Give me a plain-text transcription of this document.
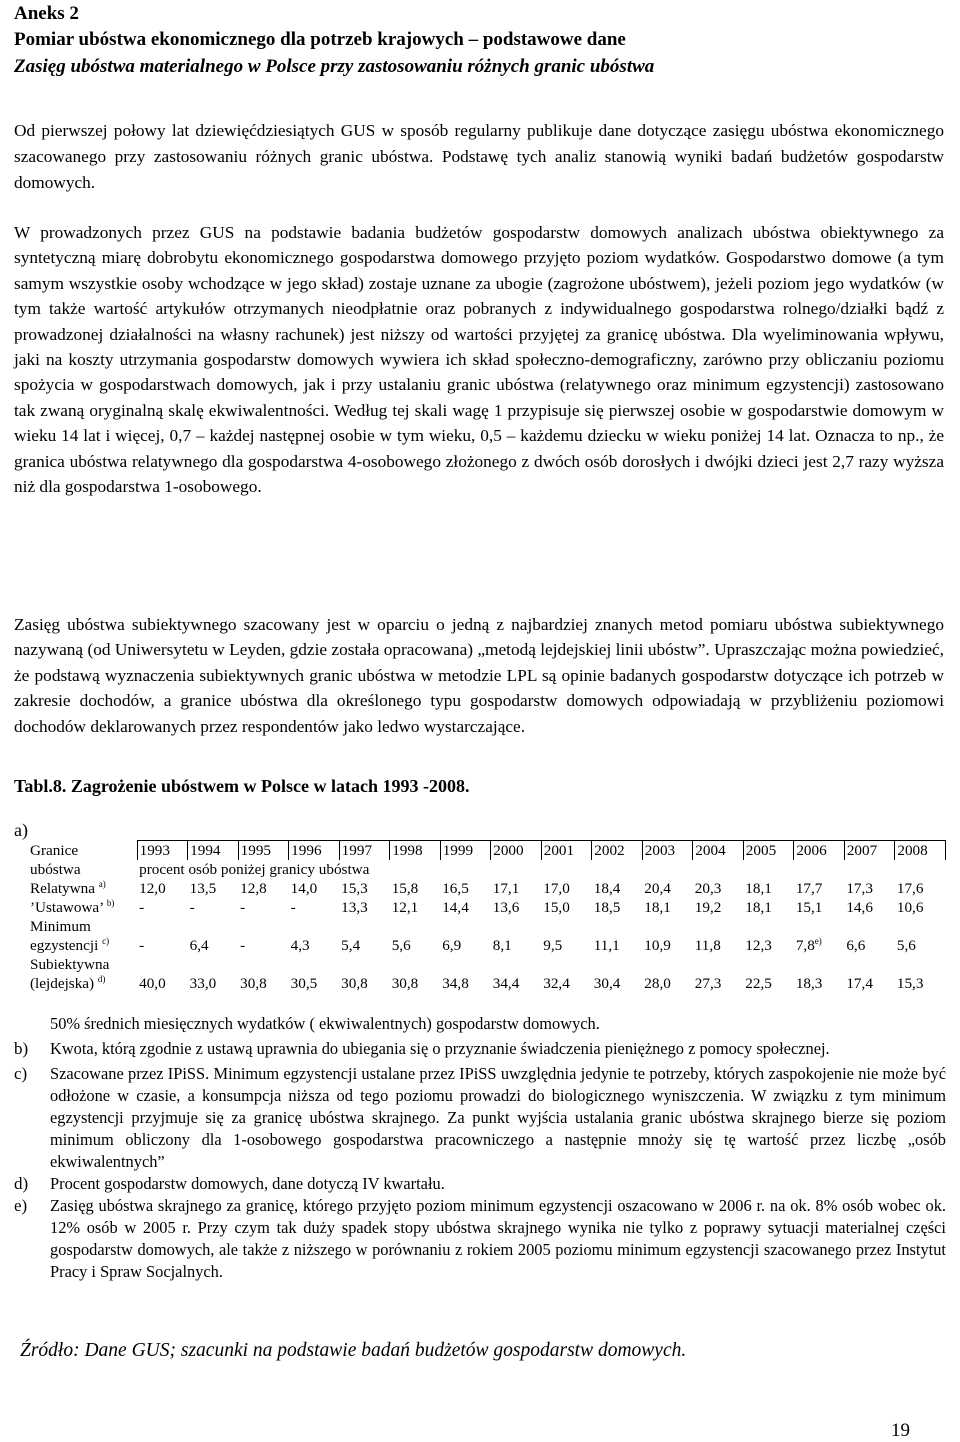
Aneks 2

Pomiar ubóstwa ekonomicznego dla potrzeb krajowych – podstawowe dane

Zasięg ubóstwa materialnego w Polsce przy zastosowaniu różnych granic ubóstwa

Od pierwszej połowy lat dziewięćdziesiątych GUS w sposób regularny publikuje dane dotyczące zasięgu ubóstwa ekonomicznego szacowanego przy zastosowaniu różnych granic ubóstwa. Podstawę tych analiz stanowią wyniki badań budżetów gospodarstw domowych.

W prowadzonych przez GUS na podstawie badania budżetów gospodarstw domowych analizach ubóstwa obiektywnego za syntetyczną miarę dobrobytu ekonomicznego gospodarstwa domowego przyjęto poziom wydatków. Gospodarstwo domowe (a tym samym wszystkie osoby wchodzące w jego skład) zostaje uznane za ubogie (zagrożone ubóstwem), jeżeli poziom jego wydatków (w tym także wartość artykułów otrzymanych nieodpłatnie oraz pobranych z indywidualnego gospodarstwa rolnego/działki bądź z prowadzonej działalności na własny rachunek) jest niższy od wartości przyjętej za granicę ubóstwa. Dla wyeliminowania wpływu, jaki na koszty utrzymania gospodarstw domowych wywiera ich skład społeczno-demograficzny, zarówno przy obliczaniu poziomu spożycia w gospodarstwach domowych, jak i przy ustalaniu granic ubóstwa (relatywnego oraz minimum egzystencji) zastosowano tak zwaną oryginalną skalę ekwiwalentności. Według tej skali wagę 1 przypisuje się pierwszej osobie w gospodarstwie domowym w wieku 14 lat i więcej, 0,7 – każdej następnej osobie w tym wieku, 0,5 – każdemu dziecku w wieku poniżej 14 lat. Oznacza to np., że granica ubóstwa relatywnego dla gospodarstwa 4-osobowego złożonego z dwóch osób dorosłych i dwójki dzieci jest 2,7 razy wyższa niż dla gospodarstwa 1-osobowego.

Zasięg ubóstwa subiektywnego szacowany jest w oparciu o jedną z najbardziej znanych metod pomiaru ubóstwa subiektywnego nazywaną (od Uniwersytetu w Leyden, gdzie została opracowana) „metodą lejdejskiej linii ubóstw”. Upraszczając można powiedzieć, że podstawą wyznaczenia subiektywnych granic ubóstwa w metodzie LPL są opinie badanych gospodarstw dotyczące ich potrzeb w zakresie dochodów, a granice ubóstwa dla określonego typu gospodarstw domowych odpowiadają w przybliżeniu poziomowi dochodów deklarowanych przez respondentów jako ledwo wystarczające.

Tabl.8. Zagrożenie ubóstwem w Polsce w latach 1993 -2008.

a)

Granice	1993	1994	1995	1996	1997	1998	1999	2000	2001	2002	2003	2004	2005	2006	2007	2008
ubóstwa	procent osób poniżej granicy ubóstwa															
Relatywna $^{a)}$	12,0	13,5	12,8	14,0	15,3	15,8	16,5	17,1	17,0	18,4	20,4	20,3	18,1	17,7	17,3	17,6
’Ustawowa’ $^{b)}$	-	-	-	-	13,3	12,1	14,4	13,6	15,0	18,5	18,1	19,2	18,1	15,1	14,6	10,6
Minimum																
egzystencji $^{c)}$	-	6,4	-	4,3	5,4	5,6	6,9	8,1	9,5	11,1	10,9	11,8	12,3	7,8$^{e)}$	6,6	5,6
Subiektywna																
(lejdejska) $^{d)}$	40,0	33,0	30,8	30,5	30,8	30,8	34,8	34,4	32,4	30,4	28,0	27,3	22,5	18,3	17,4	15,3
50% średnich miesięcznych wydatków ( ekwiwalentnych) gospodarstw domowych.
b)	Kwota, którą zgodnie z ustawą uprawnia do ubiegania się o przyznanie świadczenia pieniężnego z pomocy społecznej.
c)	Szacowane przez IPiSS. Minimum egzystencji ustalane przez IPiSS uwzględnia jedynie te potrzeby, których zaspokojenie nie może być odłożone w czasie, a konsumpcja niższa od tego poziomu prowadzi do biologicznego wyniszczenia. W związku z tym minimum egzystencji przyjmuje się za granicę ubóstwa skrajnego. Za punkt wyjścia ustalania granic ubóstwa skrajnego bierze się poziom minimum obliczony dla 1-osobowego gospodarstwa pracowniczego a następnie mnoży się tę wartość przez liczbę „osób ekwiwalentnych”
d)	Procent gospodarstw domowych, dane dotyczą IV kwartału.
e)	Zasięg ubóstwa skrajnego za granicę, którego przyjęto poziom minimum egzystencji oszacowano w 2006 r. na ok. 8% osób wobec ok. 12% osób w 2005 r. Przy czym tak duży spadek stopy ubóstwa skrajnego wynika nie tylko z poprawy sytuacji materialnej części gospodarstw domowych, ale także z niższego w porównaniu z rokiem 2005 poziomu minimum egzystencji szacowanego przez Instytut Pracy i Spraw Socjalnych.

Źródło: Dane GUS; szacunki na podstawie badań budżetów gospodarstw domowych.

19
